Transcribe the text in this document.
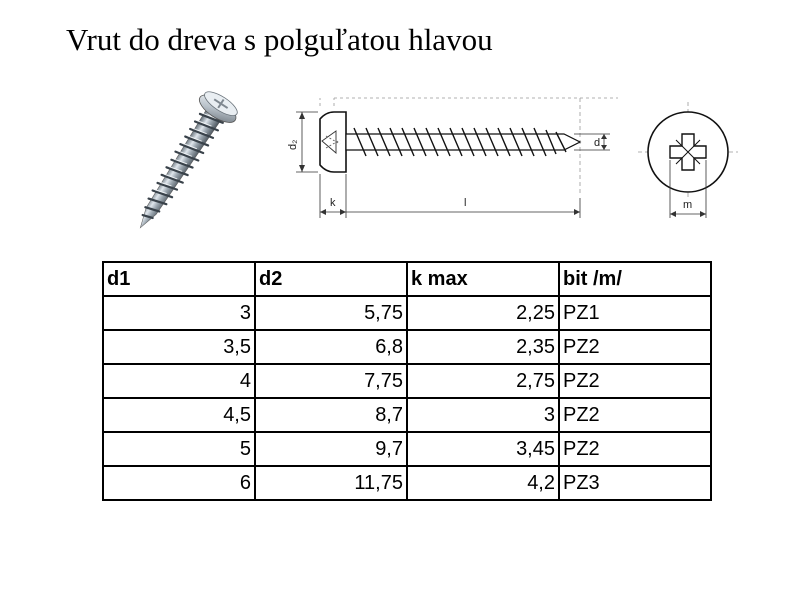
Vrut do dreva s polguľatou hlavou
d₂	d
k	l	m
d1	d2	k max	bit /m/
3	5,75	2,25	PZ1
3,5	6,8	2,35	PZ2
4	7,75	2,75	PZ2
4,5	8,7	3	PZ2
5	9,7	3,45	PZ2
6	11,75	4,2	PZ3
